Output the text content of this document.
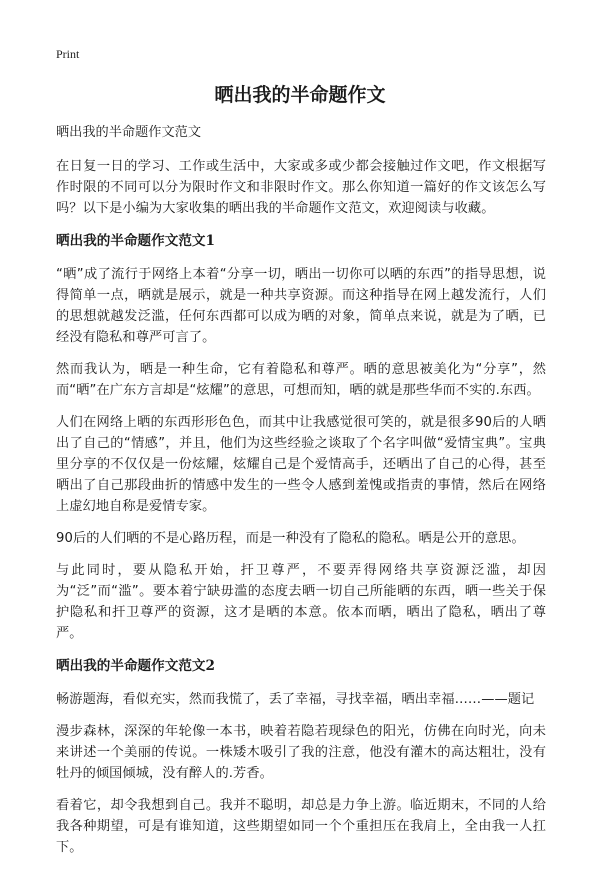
Print
晒出我的半命题作文
晒出我的半命题作文范文

在日复一日的学习、工作或生活中，大家或多或少都会接触过作文吧，作文根据写作时限的不同可以分为限时作文和非限时作文。那么你知道一篇好的作文该怎么写吗？以下是小编为大家收集的晒出我的半命题作文范文，欢迎阅读与收藏。

晒出我的半命题作文范文1

“晒”成了流行于网络上本着“分享一切，晒出一切你可以晒的东西”的指导思想，说得简单一点，晒就是展示，就是一种共享资源。而这种指导在网上越发流行，人们的思想就越发泛滥，任何东西都可以成为晒的对象，简单点来说，就是为了晒，已经没有隐私和尊严可言了。

然而我认为，晒是一种生命，它有着隐私和尊严。晒的意思被美化为“分享”，然而“晒”在广东方言却是“炫耀”的意思，可想而知，晒的就是那些华而不实的.东西。

人们在网络上晒的东西形形色色，而其中让我感觉很可笑的，就是很多90后的人晒出了自己的“情感”，并且，他们为这些经验之谈取了个名字叫做“爱情宝典”。宝典里分享的不仅仅是一份炫耀，炫耀自己是个爱情高手，还晒出了自己的心得，甚至晒出了自己那段曲折的情感中发生的一些令人感到羞愧或指责的事情，然后在网络上虚幻地自称是爱情专家。

90后的人们晒的不是心路历程，而是一种没有了隐私的隐私。晒是公开的意思。

与此同时，要从隐私开始，扞卫尊严，不要弄得网络共享资源泛滥，却因为“泛”而“滥”。要本着宁缺毋滥的态度去晒一切自己所能晒的东西，晒一些关于保护隐私和扞卫尊严的资源，这才是晒的本意。依本而晒，晒出了隐私，晒出了尊严。

晒出我的半命题作文范文2

畅游题海，看似充实，然而我慌了，丢了幸福，寻找幸福，晒出幸福……——题记

漫步森林，深深的年轮像一本书，映着若隐若现绿色的阳光，仿佛在向时光，向未来讲述一个美丽的传说。一株矮木吸引了我的注意，他没有灌木的高达粗壮，没有牡丹的倾国倾城，没有醉人的.芳香。

看着它，却令我想到自己。我并不聪明，却总是力争上游。临近期末，不同的人给我各种期望，可是有谁知道，这些期望如同一个个重担压在我肩上，全由我一人扛下。
